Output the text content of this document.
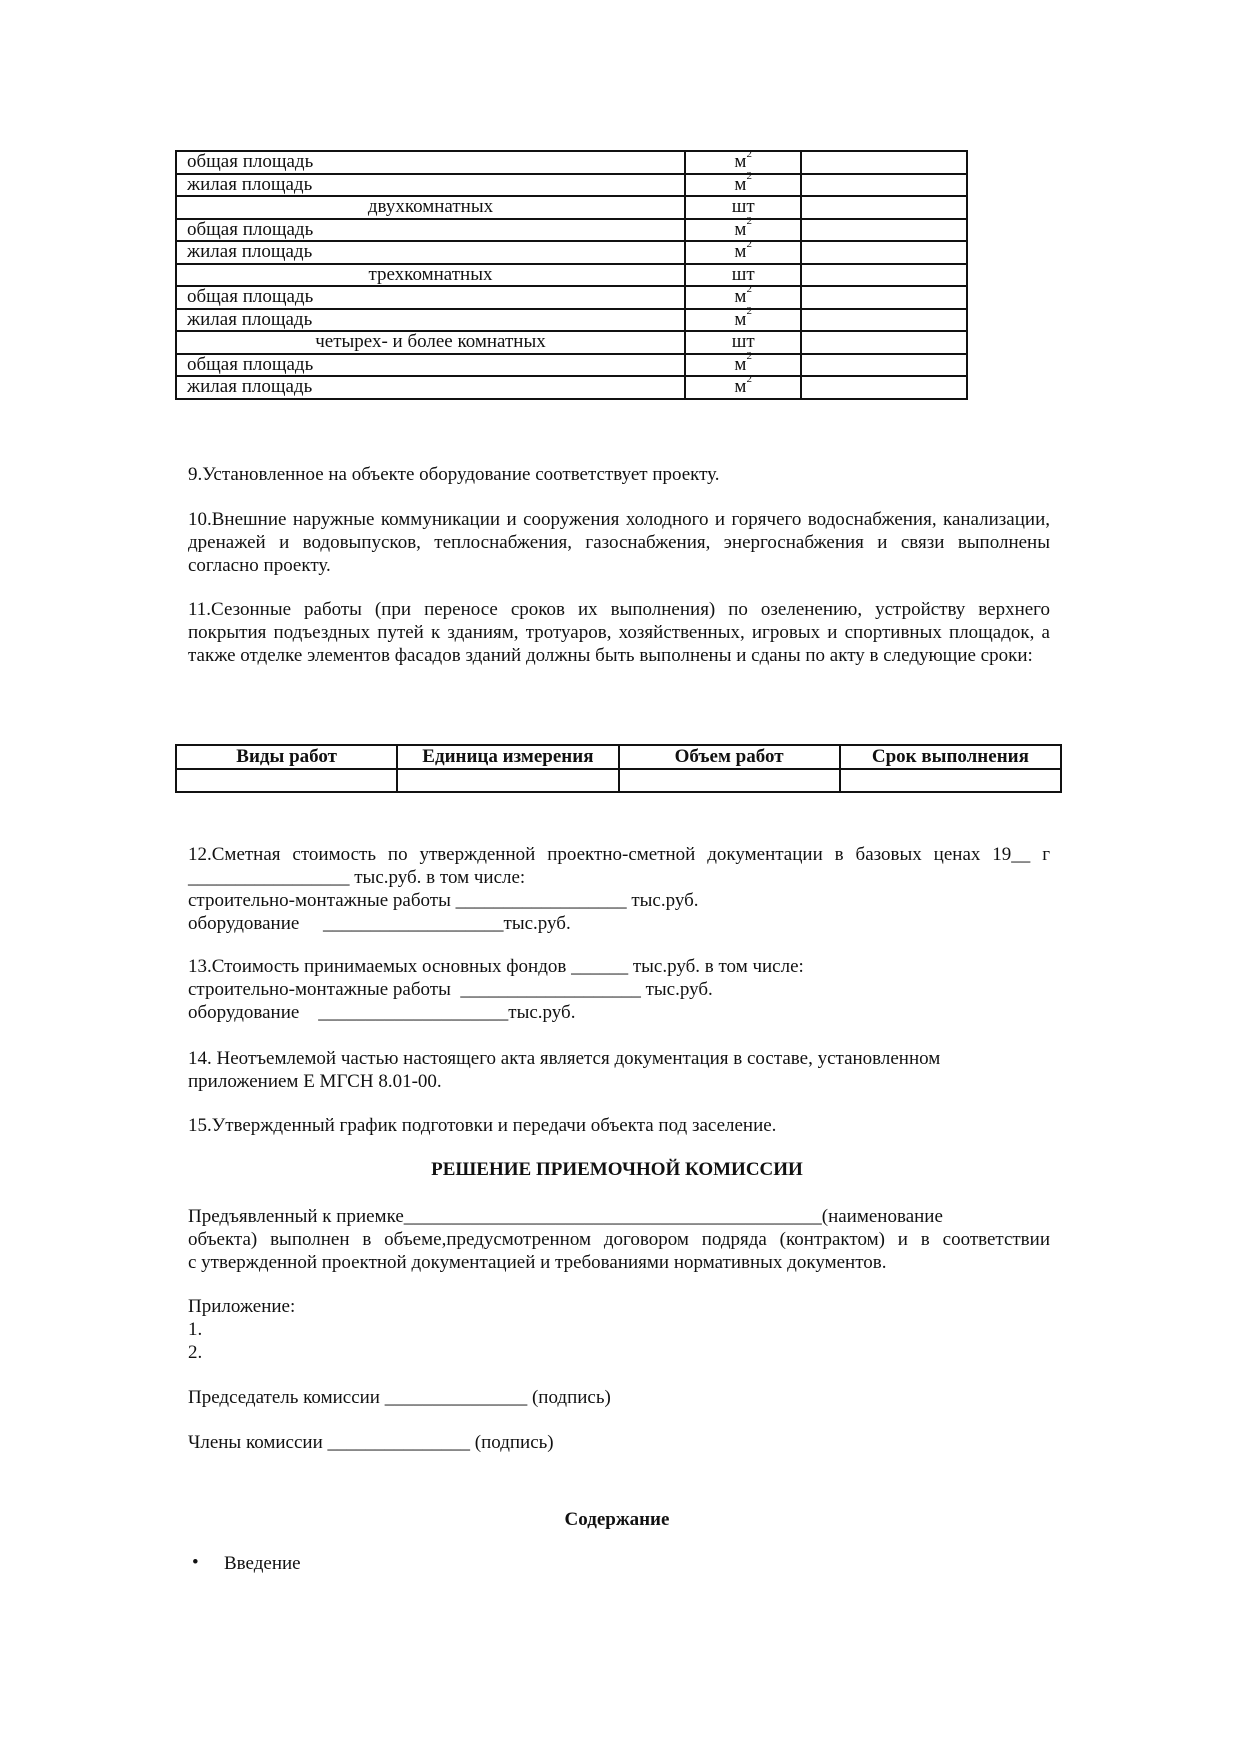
общая площадь	$м^2$	
жилая площадь	$м^2$	
двухкомнатных	шт	
общая площадь	$м^2$	
жилая площадь	$м^2$	
трехкомнатных	шт	
общая площадь	$м^2$	
жилая площадь	$м^2$	
четырех- и более комнатных	шт	
общая площадь	$м^2$	
жилая площадь	$м^2$	
9.Установленное на объекте оборудование соответствует проекту.
10.Внешние наружные коммуникации и сооружения холодного и горячего водоснабжения, канализации, дренажей и водовыпусков, теплоснабжения, газоснабжения, энергоснабжения и связи выполнены согласно проекту.
11.Сезонные работы (при переносе сроков их выполнения) по озеленению, устройству верхнего покрытия подъездных путей к зданиям, тротуаров, хозяйственных, игровых и спортивных площадок, а также отделке элементов фасадов зданий должны быть выполнены и сданы по акту в следующие сроки:
Виды работ	Единица измерения	Объем работ	Срок выполнения

12.Сметная стоимость по утвержденной проектно-сметной документации в базовых ценах 19__ г
_________________ тыс.руб. в том числе:
строительно-монтажные работы __________________ тыс.руб.
оборудование     ___________________тыс.руб.
13.Стоимость принимаемых основных фондов ______ тыс.руб. в том числе:
строительно-монтажные работы  ___________________ тыс.руб.
оборудование    ____________________тыс.руб.
14. Неотъемлемой частью настоящего акта является документация в составе, установленном
приложением Е МГСН 8.01-00.
15.Утвержденный график подготовки и передачи объекта под заселение.
РЕШЕНИЕ ПРИЕМОЧНОЙ КОМИССИИ
Предъявленный к приемке____________________________________________(наименование
объекта) выполнен в объеме,предусмотренном договором подряда (контрактом) и в соответствии
с утвержденной проектной документацией и требованиями нормативных документов.
Приложение:
1.
2.
Председатель комиссии _______________ (подпись)
Члены комиссии _______________ (подпись)
Содержание
• Введение
